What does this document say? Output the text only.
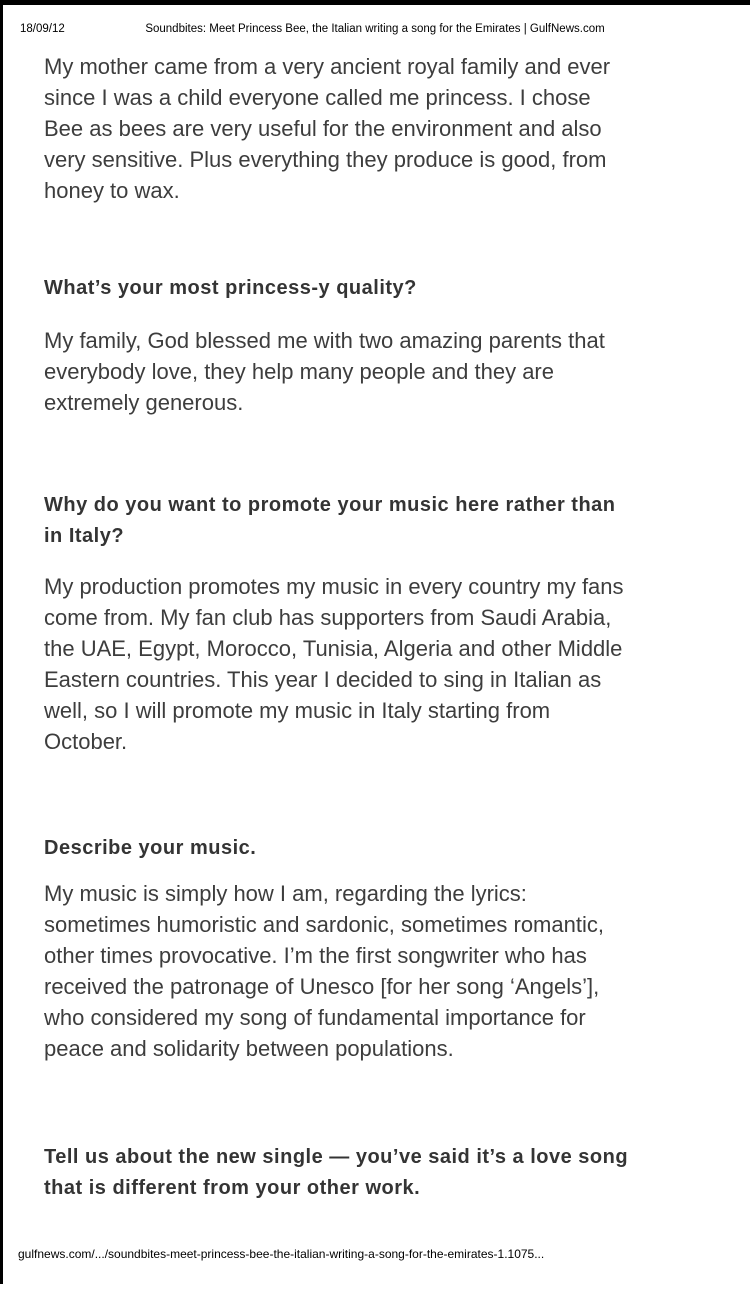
18/09/12	Soundbites: Meet Princess Bee, the Italian writing a song for the Emirates | GulfNews.com

My mother came from a very ancient royal family and ever since I was a child everyone called me princess. I chose Bee as bees are very useful for the environment and also very sensitive. Plus everything they produce is good, from honey to wax.

What’s your most princess-y quality?

My family, God blessed me with two amazing parents that everybody love, they help many people and they are extremely generous.

Why do you want to promote your music here rather than in Italy?

My production promotes my music in every country my fans come from. My fan club has supporters from Saudi Arabia, the UAE, Egypt, Morocco, Tunisia, Algeria and other Middle Eastern countries. This year I decided to sing in Italian as well, so I will promote my music in Italy starting from October.

Describe your music.

My music is simply how I am, regarding the lyrics: sometimes humoristic and sardonic, sometimes romantic, other times provocative. I’m the first songwriter who has received the patronage of Unesco [for her song ‘Angels’], who considered my song of fundamental importance for peace and solidarity between populations.

Tell us about the new single — you’ve said it’s a love song that is different from your other work.
gulfnews.com/.../soundbites-meet-princess-bee-the-italian-writing-a-song-for-the-emirates-1.1075...
